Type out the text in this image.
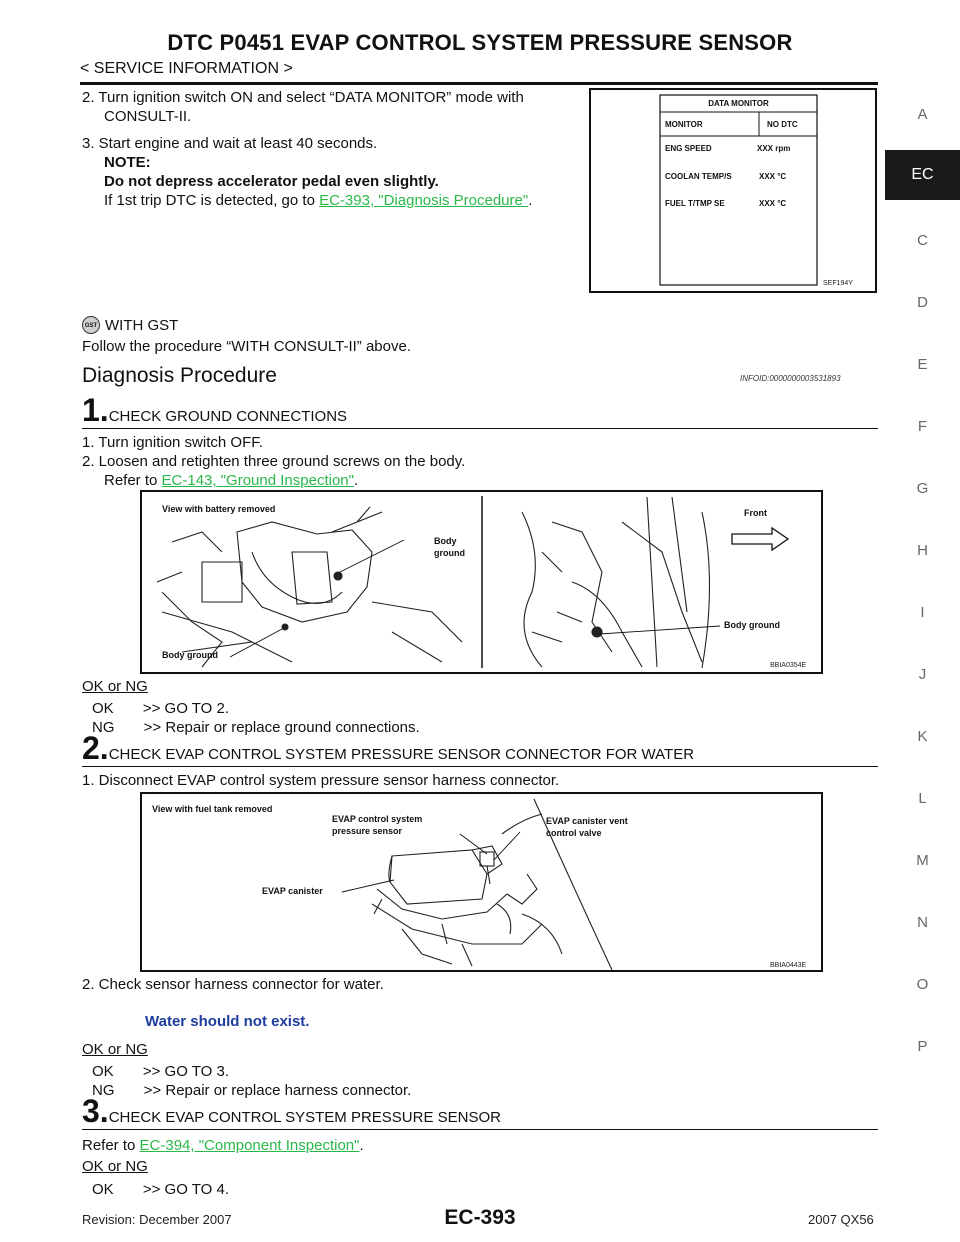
DTC P0451 EVAP CONTROL SYSTEM PRESSURE SENSOR
< SERVICE INFORMATION >
A
EC
C
D
E
F
G
H
I
J
K
L
M
N
O
P
2. Turn ignition switch ON and select “DATA MONITOR” mode with
CONSULT-II.
3. Start engine and wait at least 40 seconds.
NOTE:
Do not depress accelerator pedal even slightly.
If 1st trip DTC is detected, go to EC-393, "Diagnosis Procedure".
DATA MONITOR
MONITOR	NO DTC
ENG SPEED	XXX rpm
COOLAN TEMP/S	XXX °C
FUEL T/TMP SE	XXX °C
SEF194Y
GST WITH GST
Follow the procedure “WITH CONSULT-II” above.
Diagnosis Procedure	INFOID:0000000003531893
1.CHECK GROUND CONNECTIONS
1. Turn ignition switch OFF.
2. Loosen and retighten three ground screws on the body.
Refer to EC-143, "Ground Inspection".
View with battery removed
Body
ground
Body ground
Front
Body ground
BBIA0354E
OK or NG
OK       >> GO TO 2.
NG       >> Repair or replace ground connections.
2.CHECK EVAP CONTROL SYSTEM PRESSURE SENSOR CONNECTOR FOR WATER
1. Disconnect EVAP control system pressure sensor harness connector.
View with fuel tank removed
EVAP control system
pressure sensor
EVAP canister vent
control valve
EVAP canister
BBIA0443E
2. Check sensor harness connector for water.
Water should not exist.
OK or NG
OK       >> GO TO 3.
NG       >> Repair or replace harness connector.
3.CHECK EVAP CONTROL SYSTEM PRESSURE SENSOR
Refer to EC-394, "Component Inspection".
OK or NG
OK       >> GO TO 4.
Revision: December 2007	EC-393	2007 QX56
